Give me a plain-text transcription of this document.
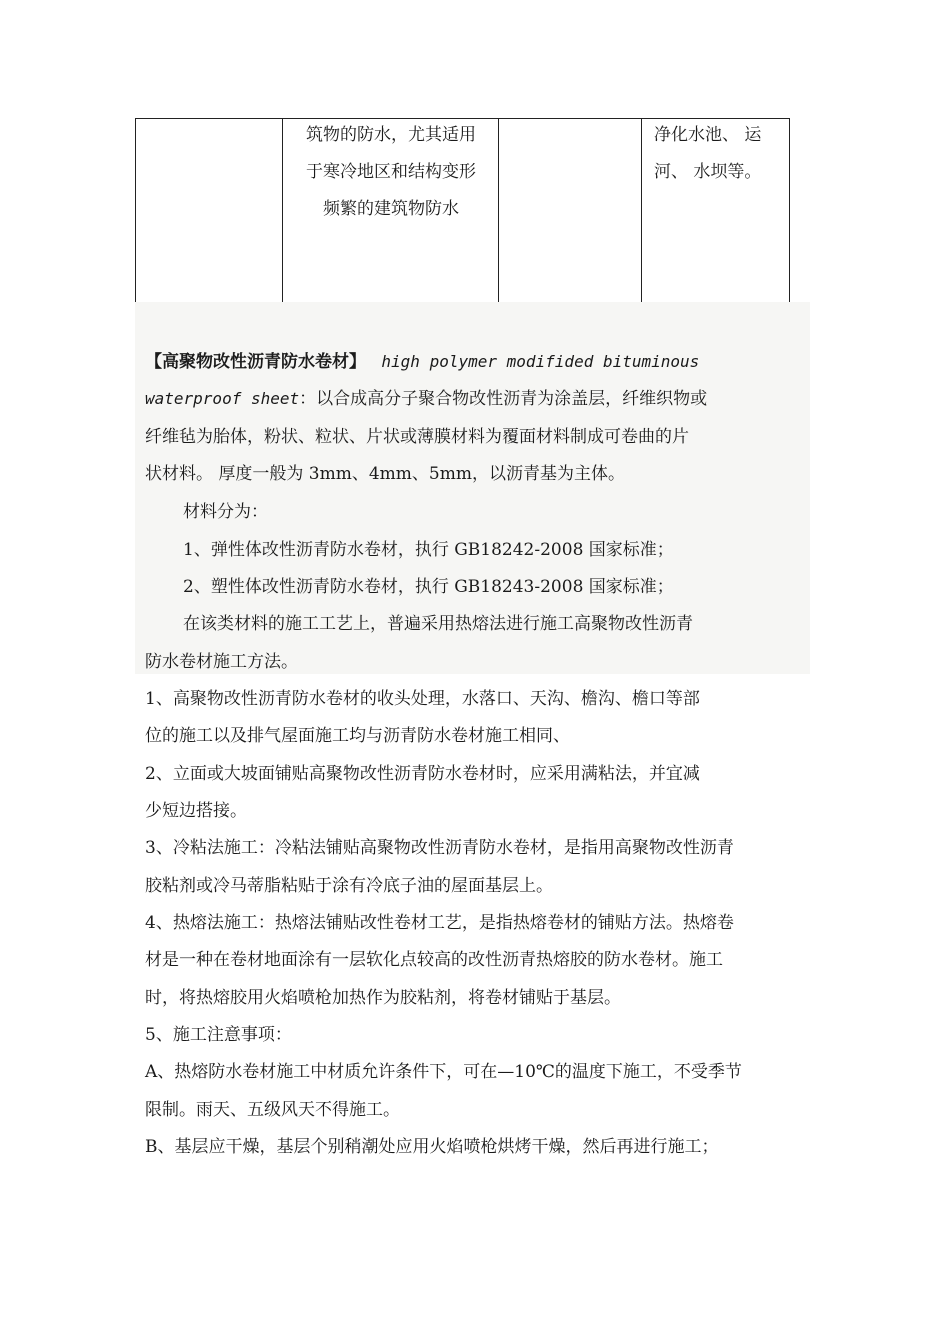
筑物的防水，尤其适用
于寒冷地区和结构变形
频繁的建筑物防水
净化水池、 运
河、 水坝等。
【高聚物改性沥青防水卷材】 high polymer modifided bituminous
waterproof sheet：以合成高分子聚合物改性沥青为涂盖层，纤维织物或
纤维毡为胎体，粉状、粒状、片状或薄膜材料为覆面材料制成可卷曲的片
状材料。 厚度一般为 3mm、4mm、5mm，以沥青基为主体。
材料分为：
1、弹性体改性沥青防水卷材，执行 GB18242-2008 国家标准；
2、塑性体改性沥青防水卷材，执行 GB18243-2008 国家标准；
在该类材料的施工工艺上，普遍采用热熔法进行施工高聚物改性沥青
防水卷材施工方法。
1、高聚物改性沥青防水卷材的收头处理，水落口、天沟、檐沟、檐口等部
位的施工以及排气屋面施工均与沥青防水卷材施工相同、
2、立面或大坡面铺贴高聚物改性沥青防水卷材时，应采用满粘法，并宜减
少短边搭接。
3、冷粘法施工：冷粘法铺贴高聚物改性沥青防水卷材，是指用高聚物改性沥青
胶粘剂或冷马蒂脂粘贴于涂有冷底子油的屋面基层上。
4、热熔法施工：热熔法铺贴改性卷材工艺，是指热熔卷材的铺贴方法。热熔卷
材是一种在卷材地面涂有一层软化点较高的改性沥青热熔胶的防水卷材。施工
时，将热熔胶用火焰喷枪加热作为胶粘剂，将卷材铺贴于基层。
5、施工注意事项：
A、热熔防水卷材施工中材质允许条件下，可在—10℃的温度下施工，不受季节
限制。雨天、五级风天不得施工。
B、基层应干燥，基层个别稍潮处应用火焰喷枪烘烤干燥，然后再进行施工；
